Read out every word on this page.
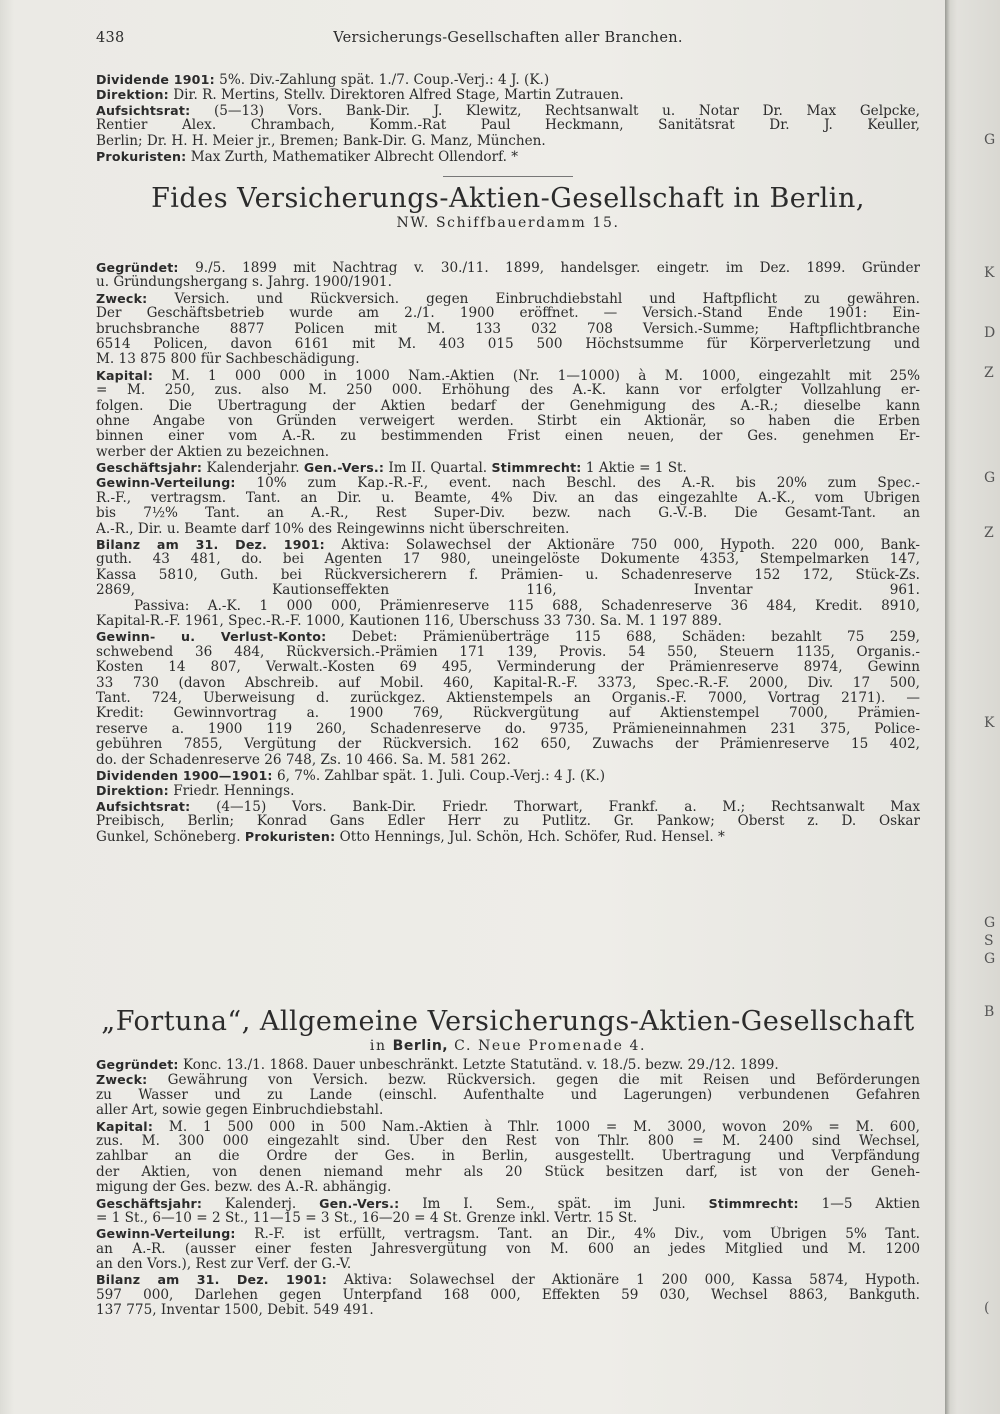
438	Versicherungs-Gesellschaften aller Branchen.
Dividende 1901: 5%. Div.-Zahlung spät. 1./7. Coup.-Verj.: 4 J. (K.)
Direktion: Dir. R. Mertins, Stellv. Direktoren Alfred Stage, Martin Zutrauen.
Aufsichtsrat: (5—13) Vors. Bank-Dir. J. Klewitz, Rechtsanwalt u. Notar Dr. Max Gelpcke,
Rentier Alex. Chrambach, Komm.-Rat Paul Heckmann, Sanitätsrat Dr. J. Keuller,
Berlin; Dr. H. H. Meier jr., Bremen; Bank-Dir. G. Manz, München.
Prokuristen: Max Zurth, Mathematiker Albrecht Ollendorf. *
Fides Versicherungs-Aktien-Gesellschaft in Berlin,
NW. Schiffbauerdamm 15.
Gegründet: 9./5. 1899 mit Nachtrag v. 30./11. 1899, handelsger. eingetr. im Dez. 1899. Gründer
u. Gründungshergang s. Jahrg. 1900/1901.
Zweck: Versich. und Rückversich. gegen Einbruchdiebstahl und Haftpflicht zu gewähren.
Der Geschäftsbetrieb wurde am 2./1. 1900 eröffnet. — Versich.-Stand Ende 1901: Ein-
bruchsbranche 8877 Policen mit M. 133 032 708 Versich.-Summe; Haftpflichtbranche
6514 Policen, davon 6161 mit M. 403 015 500 Höchstsumme für Körperverletzung und
M. 13 875 800 für Sachbeschädigung.
Kapital: M. 1 000 000 in 1000 Nam.-Aktien (Nr. 1—1000) à M. 1000, eingezahlt mit 25%
= M. 250, zus. also M. 250 000. Erhöhung des A.-K. kann vor erfolgter Vollzahlung er-
folgen. Die Übertragung der Aktien bedarf der Genehmigung des A.-R.; dieselbe kann
ohne Angabe von Gründen verweigert werden. Stirbt ein Aktionär, so haben die Erben
binnen einer vom A.-R. zu bestimmenden Frist einen neuen, der Ges. genehmen Er-
werber der Aktien zu bezeichnen.
Geschäftsjahr: Kalenderjahr. Gen.-Vers.: Im II. Quartal. Stimmrecht: 1 Aktie = 1 St.
Gewinn-Verteilung: 10% zum Kap.-R.-F., event. nach Beschl. des A.-R. bis 20% zum Spec.-
R.-F., vertragsm. Tant. an Dir. u. Beamte, 4% Div. an das eingezahlte A.-K., vom Übrigen
bis 7½% Tant. an A.-R., Rest Super-Div. bezw. nach G.-V.-B. Die Gesamt-Tant. an
A.-R., Dir. u. Beamte darf 10% des Reingewinns nicht überschreiten.
Bilanz am 31. Dez. 1901: Aktiva: Solawechsel der Aktionäre 750 000, Hypoth. 220 000, Bank-
guth. 43 481, do. bei Agenten 17 980, uneingelöste Dokumente 4353, Stempelmarken 147,
Kassa 5810, Guth. bei Rückversicherern f. Prämien- u. Schadenreserve 152 172, Stück-Zs.
2869, Kautionseffekten 116, Inventar 961.
Passiva: A.-K. 1 000 000, Prämienreserve 115 688, Schadenreserve 36 484, Kredit. 8910,
Kapital-R.-F. 1961, Spec.-R.-F. 1000, Kautionen 116, Überschuss 33 730. Sa. M. 1 197 889.
Gewinn- u. Verlust-Konto: Debet: Prämienüberträge 115 688, Schäden: bezahlt 75 259,
schwebend 36 484, Rückversich.-Prämien 171 139, Provis. 54 550, Steuern 1135, Organis.-
Kosten 14 807, Verwalt.-Kosten 69 495, Verminderung der Prämienreserve 8974, Gewinn
33 730 (davon Abschreib. auf Mobil. 460, Kapital-R.-F. 3373, Spec.-R.-F. 2000, Div. 17 500,
Tant. 724, Überweisung d. zurückgez. Aktienstempels an Organis.-F. 7000, Vortrag 2171). —
Kredit: Gewinnvortrag a. 1900 769, Rückvergütung auf Aktienstempel 7000, Prämien-
reserve a. 1900 119 260, Schadenreserve do. 9735, Prämieneinnahmen 231 375, Police-
gebühren 7855, Vergütung der Rückversich. 162 650, Zuwachs der Prämienreserve 15 402,
do. der Schadenreserve 26 748, Zs. 10 466. Sa. M. 581 262.
Dividenden 1900—1901: 6, 7%. Zahlbar spät. 1. Juli. Coup.-Verj.: 4 J. (K.)
Direktion: Friedr. Hennings.
Aufsichtsrat: (4—15) Vors. Bank-Dir. Friedr. Thorwart, Frankf. a. M.; Rechtsanwalt Max
Preibisch, Berlin; Konrad Gans Edler Herr zu Putlitz. Gr. Pankow; Oberst z. D. Oskar
Gunkel, Schöneberg. Prokuristen: Otto Hennings, Jul. Schön, Hch. Schöfer, Rud. Hensel. *
„Fortuna“, Allgemeine Versicherungs-Aktien-Gesellschaft
in Berlin, C. Neue Promenade 4.
Gegründet: Konc. 13./1. 1868. Dauer unbeschränkt. Letzte Statutänd. v. 18./5. bezw. 29./12. 1899.
Zweck: Gewährung von Versich. bezw. Rückversich. gegen die mit Reisen und Beförderungen
zu Wasser und zu Lande (einschl. Aufenthalte und Lagerungen) verbundenen Gefahren
aller Art, sowie gegen Einbruchdiebstahl.
Kapital: M. 1 500 000 in 500 Nam.-Aktien à Thlr. 1000 = M. 3000, wovon 20% = M. 600,
zus. M. 300 000 eingezahlt sind. Über den Rest von Thlr. 800 = M. 2400 sind Wechsel,
zahlbar an die Ordre der Ges. in Berlin, ausgestellt. Übertragung und Verpfändung
der Aktien, von denen niemand mehr als 20 Stück besitzen darf, ist von der Geneh-
migung der Ges. bezw. des A.-R. abhängig.
Geschäftsjahr: Kalenderj. Gen.-Vers.: Im I. Sem., spät. im Juni. Stimmrecht: 1—5 Aktien
= 1 St., 6—10 = 2 St., 11—15 = 3 St., 16—20 = 4 St. Grenze inkl. Vertr. 15 St.
Gewinn-Verteilung: R.-F. ist erfüllt, vertragsm. Tant. an Dir., 4% Div., vom Übrigen 5% Tant.
an A.-R. (ausser einer festen Jahresvergütung von M. 600 an jedes Mitglied und M. 1200
an den Vors.), Rest zur Verf. der G.-V.
Bilanz am 31. Dez. 1901: Aktiva: Solawechsel der Aktionäre 1 200 000, Kassa 5874, Hypoth.
597 000, Darlehen gegen Unterpfand 168 000, Effekten 59 030, Wechsel 8863, Bankguth.
137 775, Inventar 1500, Debit. 549 491.
G
K
D
Z
G
Z
K
G
S
G
B
(
